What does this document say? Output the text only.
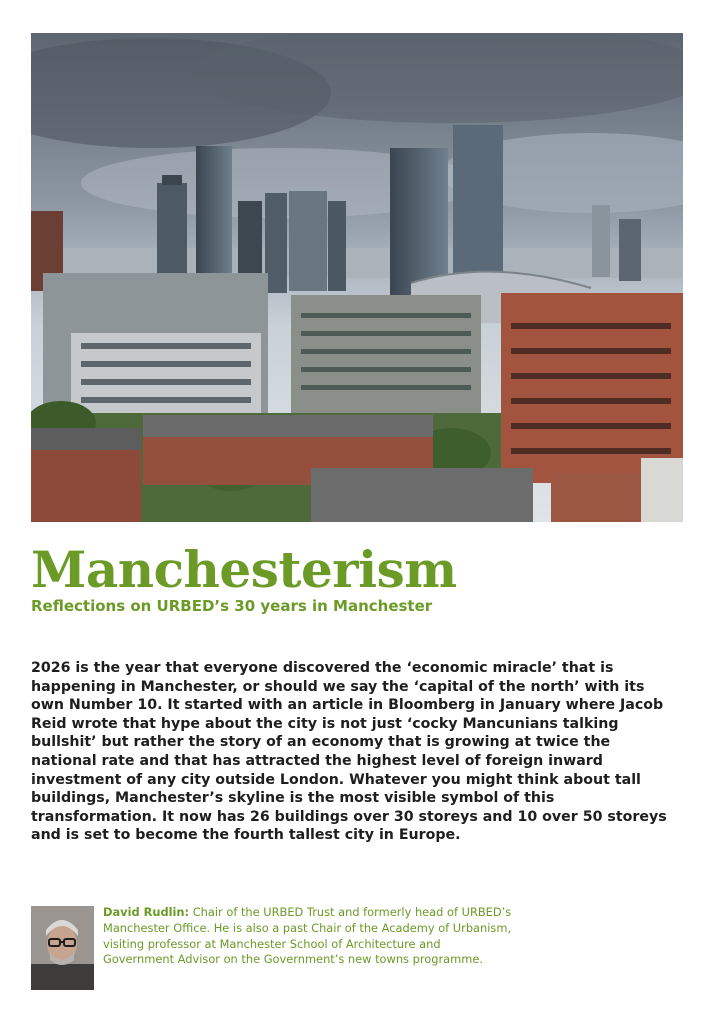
Manchesterism
Reflections on URBED’s 30 years in Manchester

2026 is the year that everyone discovered the ‘economic miracle’ that is happening in Manchester, or should we say the ‘capital of the north’ with its own Number 10. It started with an article in Bloomberg in January where Jacob Reid wrote that hype about the city is not just ‘cocky Mancunians talking bullshit’ but rather the story of an economy that is growing at twice the national rate and that has attracted the highest level of foreign inward investment of any city outside London. Whatever you might think about tall buildings, Manchester’s skyline is the most visible symbol of this transformation. It now has 26 buildings over 30 storeys and 10 over 50 storeys and is set to become the fourth tallest city in Europe.

David Rudlin: Chair of the URBED Trust and formerly head of URBED’s Manchester Office. He is also a past Chair of the Academy of Urbanism, visiting professor at Manchester School of Architecture and Government Advisor on the Government’s new towns programme.
